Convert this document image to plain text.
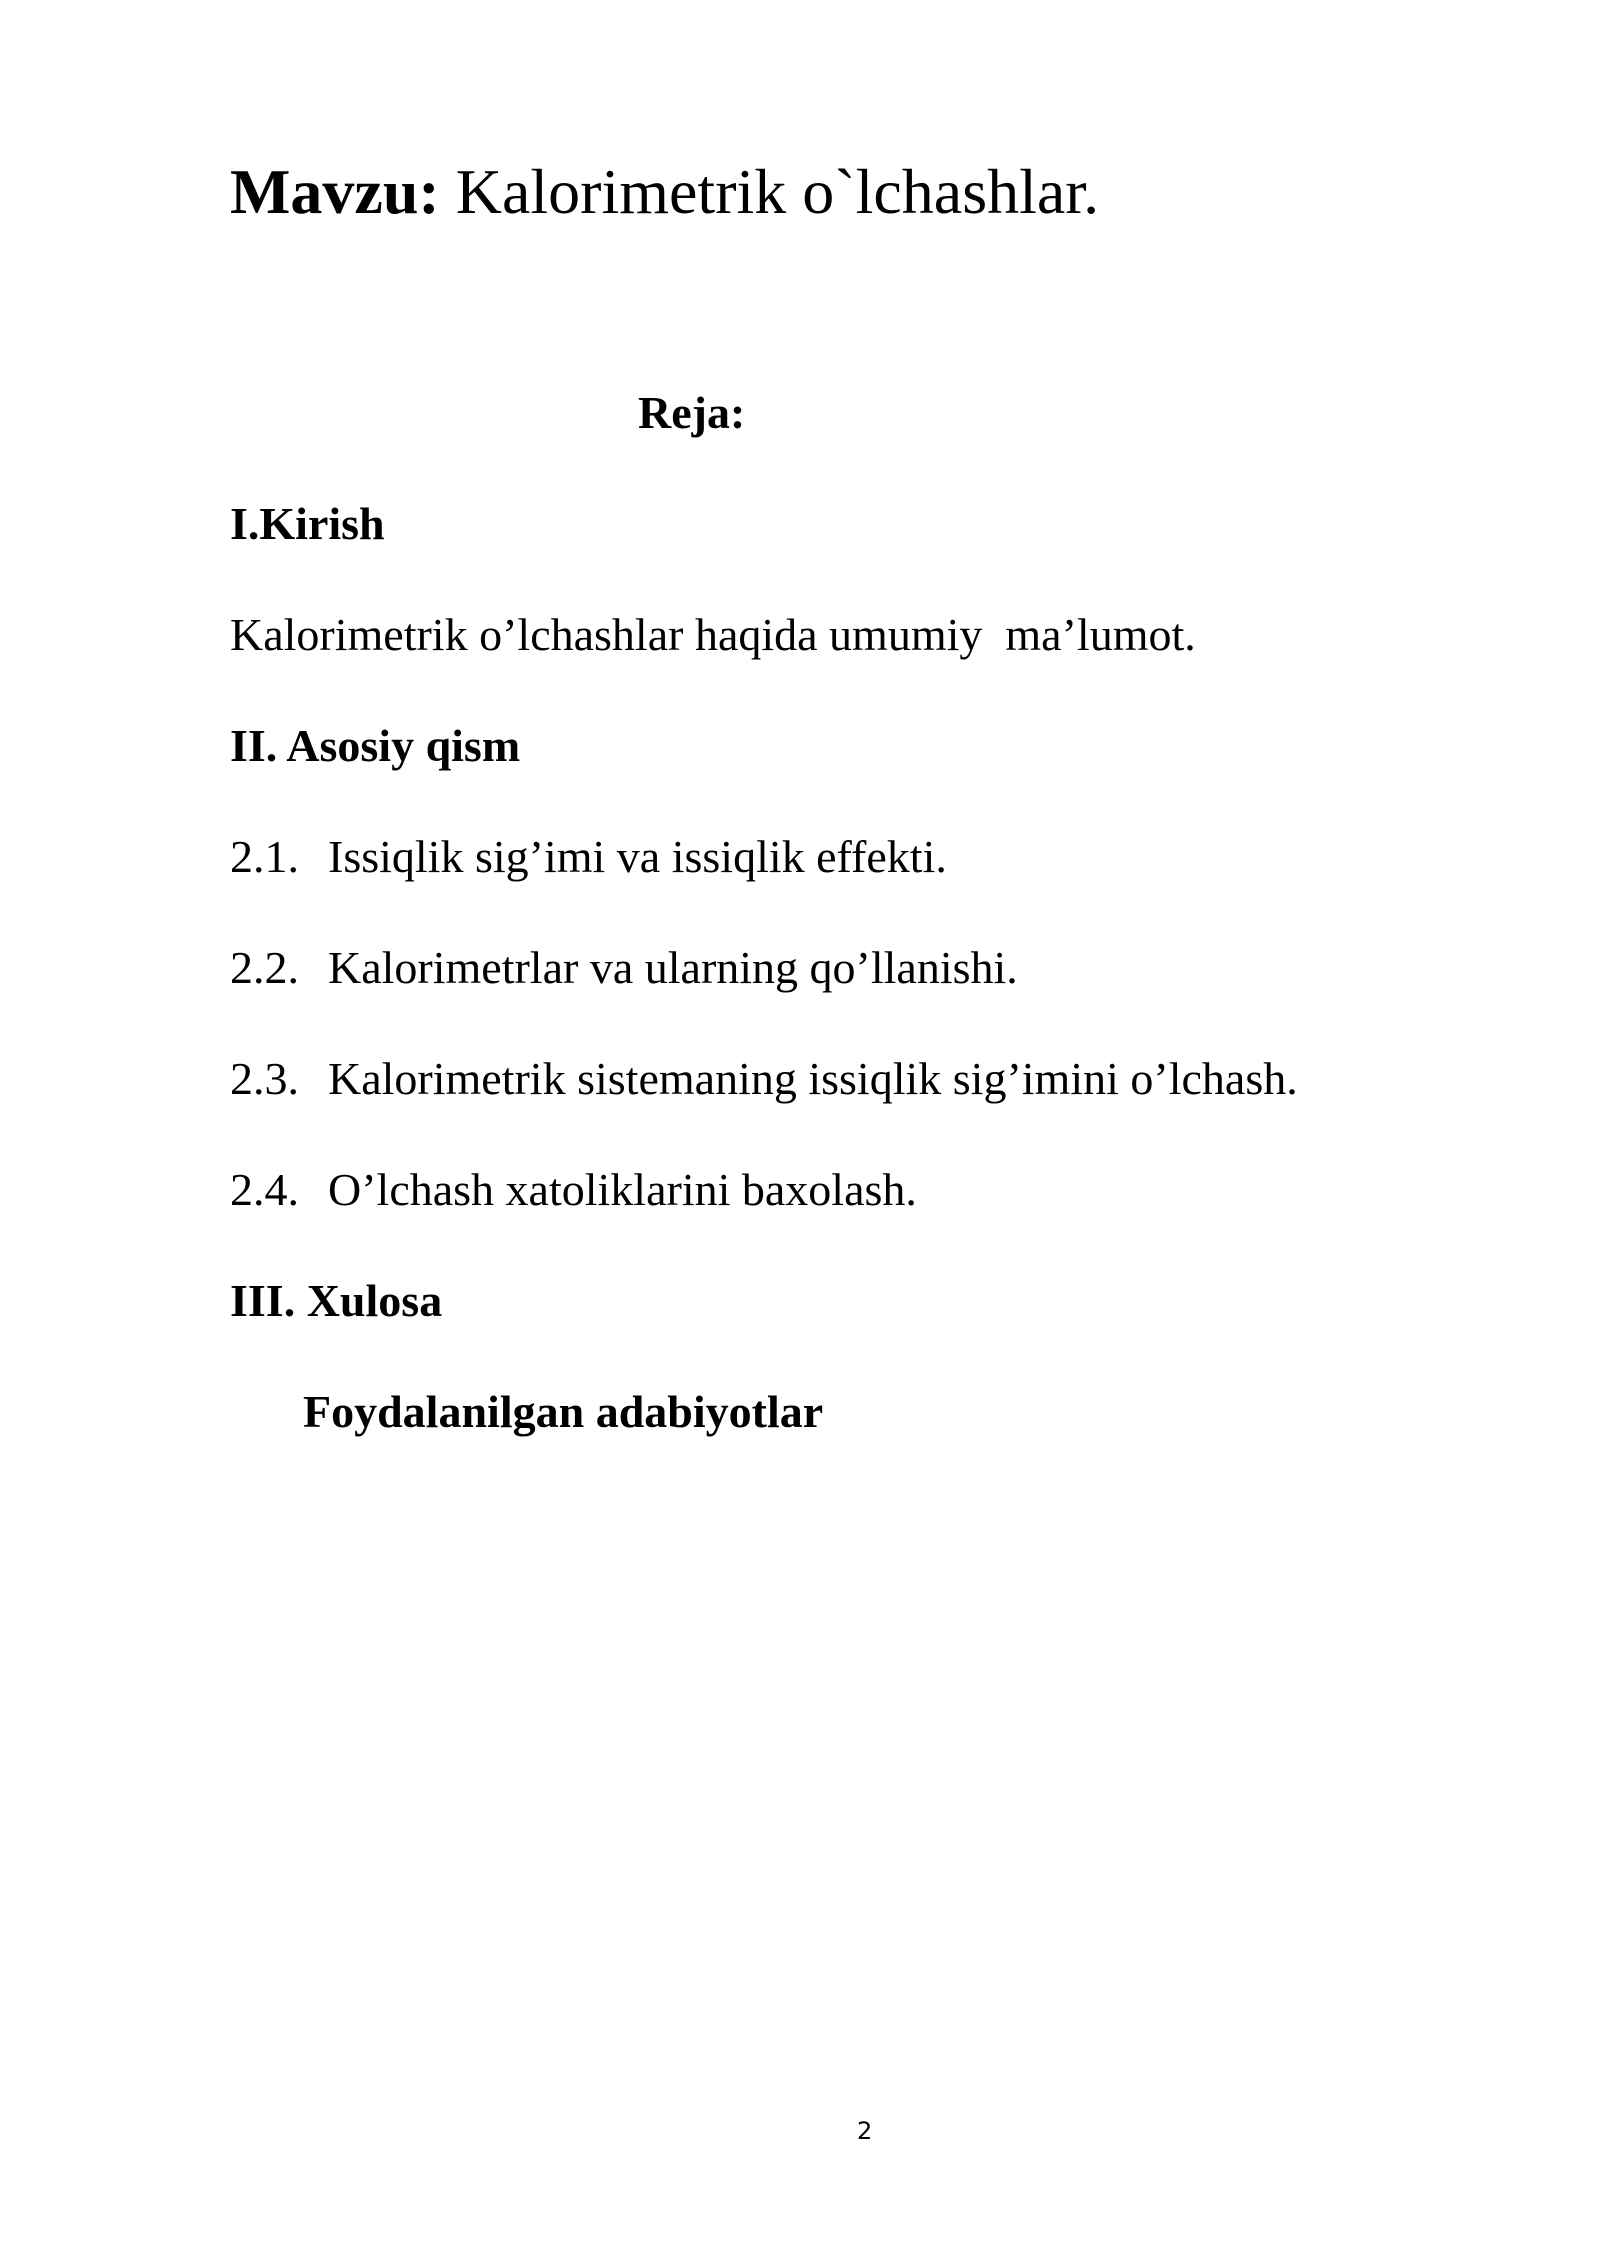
Mavzu: Kalorimetrik o`lchashlar.
Reja:
I.Kirish
Kalorimetrik o’lchashlar haqida umumiy  ma’lumot.
II. Asosiy qism
2.1. Issiqlik sig’imi va issiqlik effekti.
2.2. Kalorimetrlar va ularning qo’llanishi.
2.3. Kalorimetrik sistemaning issiqlik sig’imini o’lchash.
2.4. O’lchash xatoliklarini baxolash.
III. Xulosa
Foydalanilgan adabiyotlar
2
